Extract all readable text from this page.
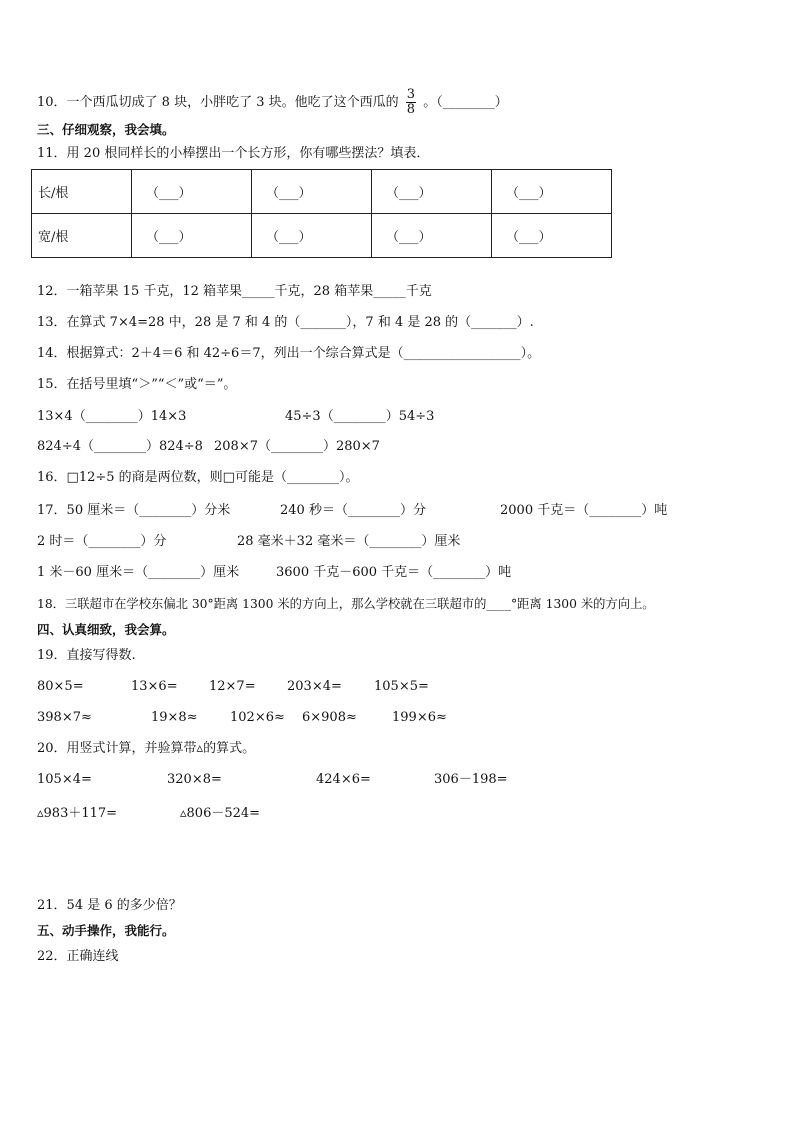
10．一个西瓜切成了 8 块，小胖吃了 3 块。他吃了这个西瓜的 $\frac{3}{8}$ 。（________）
三、仔细观察，我会填。
11．用 20 根同样长的小棒摆出一个长方形，你有哪些摆法？填表．
长/根	（___）	（___）	（___）	（___）
宽/根	（___）	（___）	（___）	（___）
12．一箱苹果 15 千克，12 箱苹果_____千克，28 箱苹果_____千克
13．在算式 7×4=28 中，28 是 7 和 4 的（_______），7 和 4 是 28 的（_______）.
14．根据算式：2＋4＝6 和 42÷6＝7，列出一个综合算式是（__________________）。
15．在括号里填“＞”“＜”或“＝”。
13×4（________）14×3	45÷3（________）54÷3
824÷4（________）824÷8 208×7（________）280×7
16．□12÷5 的商是两位数，则□可能是（________）。
17．50 厘米＝（________）分米	240 秒＝（________）分	2000 千克＝（________）吨
2 时＝（________）分	28 毫米＋32 毫米＝（________）厘米
1 米－60 厘米＝（________）厘米	3600 千克－600 千克＝（________）吨
18．三联超市在学校东偏北 30°距离 1300 米的方向上，那么学校就在三联超市的____°距离 1300 米的方向上。
四、认真细致，我会算。
19．直接写得数.
80×5=	13×6= 12×7= 203×4= 105×5=
398×7≈	19×8≈ 102×6≈ 6×908≈	199×6≈
20．用竖式计算，并验算带▵的算式。
105×4=	320×8=	424×6=	306－198=
▵983＋117=	▵806－524=
21．54 是 6 的多少倍？
五、动手操作，我能行。
22．正确连线
